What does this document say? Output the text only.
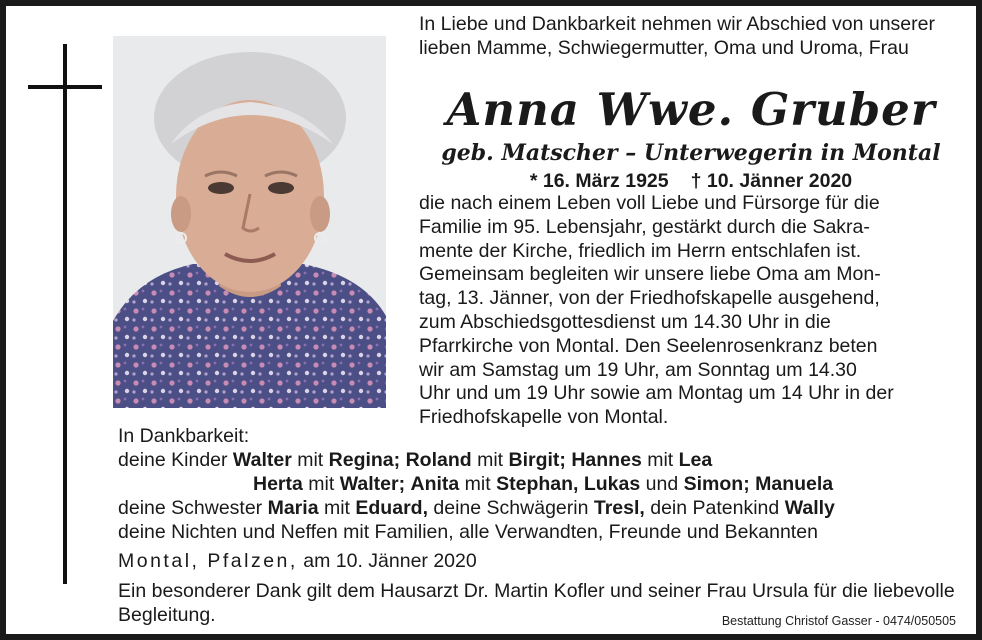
In Liebe und Dankbarkeit nehmen wir Abschied von unserer lieben Mamme, Schwiegermutter, Oma und Uroma, Frau
Anna Wwe. Gruber
geb. Matscher – Unterwegerin in Montal
* 16. März 1925 † 10. Jänner 2020
die nach einem Leben voll Liebe und Fürsorge für die
Familie im 95. Lebensjahr, gestärkt durch die Sakra-
mente der Kirche, friedlich im Herrn entschlafen ist.
Gemeinsam begleiten wir unsere liebe Oma am Mon-
tag, 13. Jänner, von der Friedhofskapelle ausgehend,
zum Abschiedsgottesdienst um 14.30 Uhr in die
Pfarrkirche von Montal. Den Seelenrosenkranz beten
wir am Samstag um 19 Uhr, am Sonntag um 14.30
Uhr und um 19 Uhr sowie am Montag um 14 Uhr in der
Friedhofskapelle von Montal.
In Dankbarkeit:
deine Kinder Walter mit Regina; Roland mit Birgit; Hannes mit Lea
Herta mit Walter; Anita mit Stephan, Lukas und Simon; Manuela
deine Schwester Maria mit Eduard, deine Schwägerin Tresl, dein Patenkind Wally
deine Nichten und Neffen mit Familien, alle Verwandten, Freunde und Bekannten
Montal, Pfalzen, am 10. Jänner 2020
Ein besonderer Dank gilt dem Hausarzt Dr. Martin Kofler und seiner Frau Ursula für die liebevolle Begleitung.	Bestattung Christof Gasser - 0474/050505
